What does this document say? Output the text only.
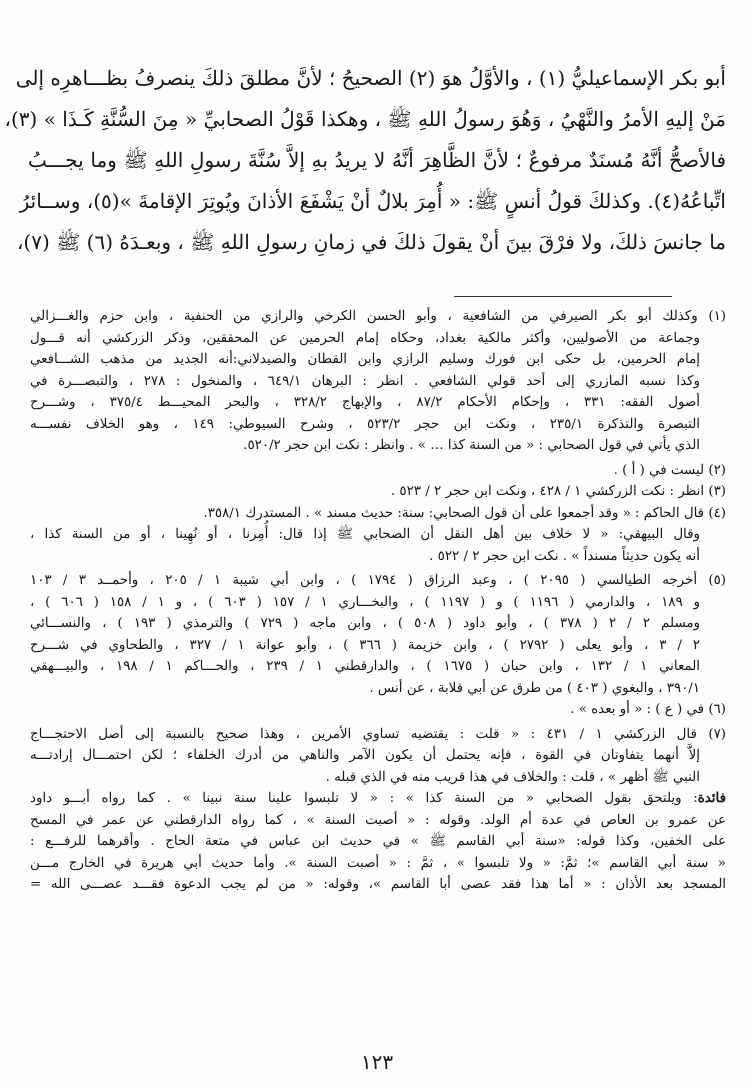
أبو بكر الإسماعيليُّ (١) ، والأوَّلُ هوَ (٢) الصحيحُ ؛ لأنَّ مطلقَ ذلكَ ينصرفُ بظـــاهرِه إلى
مَنْ إليهِ الأمرُ والنَّهْيُ ، وَهُوَ رسولُ اللهِ ﷺ ، وهكذا قَوْلُ الصحابيِّ « مِنَ السُّنَّةِ كَـذَا » (٣)،
فالأصحُّ أنَّهُ مُسنَدٌ مرفوعٌ ؛ لأنَّ الظَّاهِرَ أنَّهُ لا يريدُ بهِ إلاَّ سُنَّةَ رسولِ اللهِ ﷺ وما يجـــبُ
اتِّباعُهُ(٤). وكذلكَ قولُ أنسٍ ﷺ: « أُمِرَ بلالٌ أنْ يَشْفَعَ الأذانَ ويُوتِرَ الإقامةَ »(٥)، وســائرُ
ما جانسَ ذلكَ، ولا فرْقَ بينَ أنْ يقولَ ذلكَ في زمانِ رسولِ اللهِ ﷺ ، وبعـدَهُ (٦) ﷺ (٧)،
(١) وكذلك أبو بكر الصيرفي من الشافعية ، وأبو الحسن الكرخي والرازي من الحنفية ، وابن حزم والغـــزالي
وجماعة من الأصوليين، وأكثر مالكية بغداد، وحكاه إمام الحرمين عن المحققين، وذكر الزركشي أنه قـــول
إمام الحرمين، بل حكى ابن فورك وسليم الرازي وابن القطان والصيدلاني:أنه الجديد من مذهب الشـــافعي
وكذا نسبه المازري إلى أحد قولي الشافعي . انظر : البرهان ٦٤٩/١ ، والمنخول : ٢٧٨ ، والتبصـــرة في
أصول الفقه: ٣٣١ ، وإحكام الأحكام ٨٧/٢ ، والإبهاج ٣٢٨/٢ ، والبحر المحيـــط ٣٧٥/٤ ، وشـــرح
التبصرة والتذكرة ٢٣٥/١ ، ونكت ابن حجر ٥٢٣/٢ ، وشرح السيوطي: ١٤٩ ، وهو الخلاف نفســـه
الذي يأتي في قول الصحابي : « من السنة كذا … » . وانظر : نكت ابن حجر ٥٢٠/٢.
(٢) ليست في ( أ ) .
(٣) انظر : نكت الزركشي ١ / ٤٢٨ ، ونكت ابن حجر ٢ / ٥٢٣ .
(٤) قال الحاكم : « وقد أجمعوا على أن قول الصحابي: سنة: حديث مسند » . المستدرك ٣٥٨/١.
وقال البيهقي: « لا خلاف بين أهل النقل أن الصحابي ﷺ إذا قال: أُمِرنا ، أو نُهِينا ، أو من السنة كذا ،
أنه يكون حديثاً مسنداً » . نكت ابن حجر ٢ / ٥٢٢ .
(٥) أخرجه الطيالسي ( ٢٠٩٥ ) ، وعبد الرزاق ( ١٧٩٤ ) ، وابن أبي شيبة ١ / ٢٠٥ ، وأحمــد ٣ / ١٠٣
و ١٨٩ ، والدارمي ( ١١٩٦ ) و ( ١١٩٧ ) ، والبخـــاري ١ / ١٥٧ ( ٦٠٣ ) ، و ١ / ١٥٨ ( ٦٠٦ ) ،
ومسلم ٢ / ٢ ( ٣٧٨ ) ، وأبو داود ( ٥٠٨ ) ، وابن ماجه ( ٧٢٩ ) والترمذي ( ١٩٣ ) ، والنســـائي
٢ / ٣ ، وأبو يعلى ( ٢٧٩٢ ) ، وابن خزيمة ( ٣٦٦ ) ، وأبو عوانة ١ / ٣٢٧ ، والطحاوي في شـــرح
المعاني ١ / ١٣٢ ، وابن حبان ( ١٦٧٥ ) ، والدارقطني ١ / ٢٣٩ ، والحـــاكم ١ / ١٩٨ ، والبيـــهقي
٣٩٠/١ ، والبغوي ( ٤٠٣ ) من طرق عن أبي قلابة ، عن أنس .
(٦) في ( ع ) : « أو بعده » .
(٧) قال الزركشي ١ / ٤٣١ : « قلت : يقتضيه تساوي الأمرين ، وهذا صحيح بالنسبة إلى أصل الاحتجـــاج
إلاَّ أنهما يتفاوتان في القوة ، فإنه يحتمل أن يكون الآمر والناهي من أدرك الخلفاء ؛ لكن احتمـــال إرادتـــه
النبي ﷺ أظهر » ، قلت : والخلاف في هذا قريب منه في الذي قبله .
فائدة: ويلتحق بقول الصحابي « من السنة كذا » : « لا تلبسوا علينا سنة نبينا » . كما رواه أبـــو داود
عن عمرو بن العاص في عدة أم الولد. وقوله : « أصبت السنة » ، كما رواه الدارقطني عن عمر في المسح
على الخفين، وكذا قوله: «سنة أبي القاسم ﷺ » في حديث ابن عباس في متعة الحاج . وأقرهما للرفـــع :
« سنة أبي القاسم »؛ ثمَّ: « ولا تلبسوا » ، ثمَّ : « أصبت السنة ». وأما حديث أبي هريرة في الخارج مـــن
المسجد بعد الأذان : « أما هذا فقد عصى أبا القاسم »، وقوله: « من لم يجب الدعوة فقـــد عصـــى الله =
١٢٣
